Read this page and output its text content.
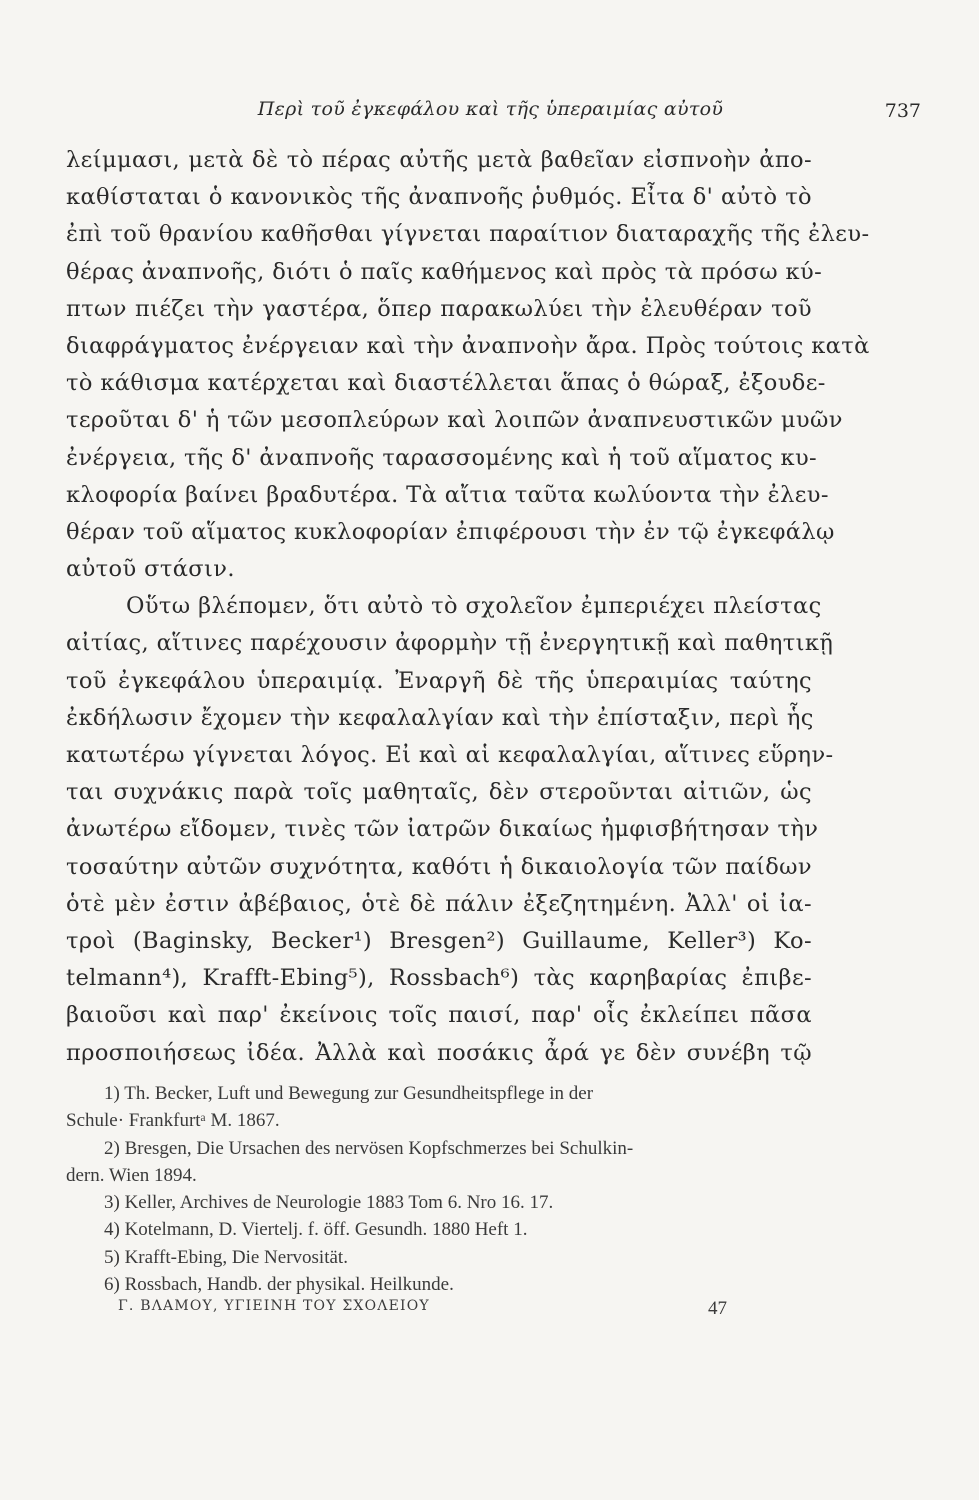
Περὶ τοῦ ἐγκεφάλου καὶ τῆς ὑπεραιμίας αὐτοῦ	737
λείμμασι, μετὰ δὲ τὸ πέρας αὐτῆς μετὰ βαθεῖαν εἰσπνοὴν ἀπο-
καθίσταται ὁ κανονικὸς τῆς ἀναπνοῆς ῥυθμός. Εἶτα δ' αὐτὸ τὸ
ἐπὶ τοῦ θρανίου καθῆσθαι γίγνεται παραίτιον διαταραχῆς τῆς ἐλευ-
θέρας ἀναπνοῆς, διότι ὁ παῖς καθήμενος καὶ πρὸς τὰ πρόσω κύ-
πτων πιέζει τὴν γαστέρα, ὅπερ παρακωλύει τὴν ἐλευθέραν τοῦ
διαφράγματος ἐνέργειαν καὶ τὴν ἀναπνοὴν ἄρα. Πρὸς τούτοις κατὰ
τὸ κάθισμα κατέρχεται καὶ διαστέλλεται ἅπας ὁ θώραξ, ἐξουδε-
τεροῦται δ' ἡ τῶν μεσοπλεύρων καὶ λοιπῶν ἀναπνευστικῶν μυῶν
ἐνέργεια, τῆς δ' ἀναπνοῆς ταρασσομένης καὶ ἡ τοῦ αἵματος κυ-
κλοφορία βαίνει βραδυτέρα. Τὰ αἴτια ταῦτα κωλύοντα τὴν ἐλευ-
θέραν τοῦ αἵματος κυκλοφορίαν ἐπιφέρουσι τὴν ἐν τῷ ἐγκεφάλῳ
αὐτοῦ στάσιν.
Οὕτω βλέπομεν, ὅτι αὐτὸ τὸ σχολεῖον ἐμπεριέχει πλείστας
αἰτίας, αἵτινες παρέχουσιν ἀφορμὴν τῇ ἐνεργητικῇ καὶ παθητικῇ
τοῦ ἐγκεφάλου ὑπεραιμίᾳ. Ἐναργῆ δὲ τῆς ὑπεραιμίας ταύτης
ἐκδήλωσιν ἔχομεν τὴν κεφαλαλγίαν καὶ τὴν ἐπίσταξιν, περὶ ἧς
κατωτέρω γίγνεται λόγος. Εἰ καὶ αἱ κεφαλαλγίαι, αἵτινες εὕρην-
ται συχνάκις παρὰ τοῖς μαθηταῖς, δὲν στεροῦνται αἰτιῶν, ὡς
ἀνωτέρω εἴδομεν, τινὲς τῶν ἰατρῶν δικαίως ἠμφισβήτησαν τὴν
τοσαύτην αὐτῶν συχνότητα, καθότι ἡ δικαιολογία τῶν παίδων
ὁτὲ μὲν ἐστιν ἀβέβαιος, ὁτὲ δὲ πάλιν ἐξεζητημένη. Ἀλλ' οἱ ἰα-
τροὶ (Baginsky, Becker¹) Bresgen²) Guillaume, Keller³) Ko-
telmann⁴), Krafft-Ebing⁵), Rossbach⁶) τὰς καρηβαρίας ἐπιβε-
βαιοῦσι καὶ παρ' ἐκείνοις τοῖς παισί, παρ' οἷς ἐκλείπει πᾶσα
προσποιήσεως ἰδέα. Ἀλλὰ καὶ ποσάκις ἆρά γε δὲν συνέβη τῷ
1) Th. Becker, Luft und Bewegung zur Gesundheitspflege in der
Schule· Frankfurtᵃ M. 1867.
2) Bresgen, Die Ursachen des nervösen Kopfschmerzes bei Schulkin-
dern. Wien 1894.
3) Keller, Archives de Neurologie 1883 Tom 6. Nro 16. 17.
4) Kotelmann, D. Viertelj. f. öff. Gesundh. 1880 Heft 1.
5) Krafft-Ebing, Die Nervosität.
6) Rossbach, Handb. der physikal. Heilkunde.
Γ. ΒΛΑΜΟΥ, ΥΓΙΕΙΝΗ ΤΟΥ ΣΧΟΛΕΙΟΥ	47
